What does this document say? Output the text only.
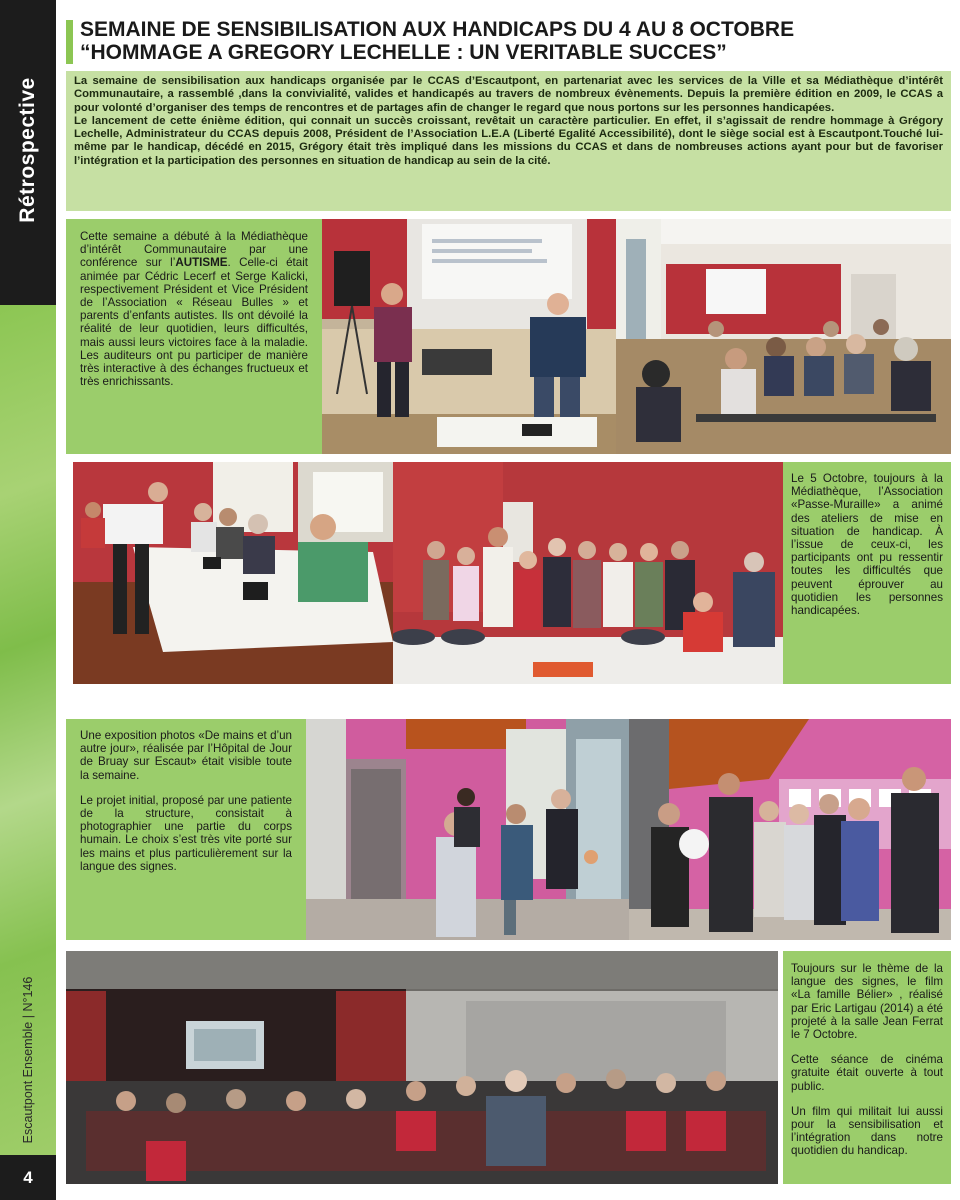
Rétrospective
Escautpont Ensemble | N°146
4
SEMAINE DE SENSIBILISATION AUX HANDICAPS DU 4 AU 8 OCTOBRE
“HOMMAGE A GREGORY LECHELLE : UN VERITABLE SUCCES”

La semaine de sensibilisation aux handicaps organisée par le CCAS d’Escautpont, en partenariat avec les services de la Ville et sa Médiathèque d’intérêt Communautaire, a rassemblé ,dans la convivialité, valides et handicapés au travers de nombreux évènements. Depuis la première édition en 2009, le CCAS a pour volonté d’organiser des temps de rencontres et de partages afin de changer le regard que nous portons sur les personnes handicapées.

Le lancement de cette énième édition, qui connait un succès croissant, revêtait un caractère particulier. En effet, il s’agissait de rendre hommage à Grégory Lechelle, Administrateur du CCAS depuis 2008, Président de l’Association L.E.A (Liberté Egalité Accessibilité), dont le siège social est à Escautpont.Touché lui-même par le handicap, décédé en 2015, Grégory était très impliqué dans les missions du CCAS et dans de nombreuses actions ayant pour but de favoriser l’intégration et la participation des personnes en situation de handicap au sein de la cité.

Cette semaine a débuté à la Médiathèque d’intérêt Communautaire par une conférence sur l’AUTISME. Celle-ci était animée par Cédric Lecerf et Serge Kalicki, respectivement Président et Vice Président de l’Association « Réseau Bulles » et parents d’enfants autistes. Ils ont dévoilé la réalité de leur quotidien, leurs difficultés, mais aussi leurs victoires face à la maladie. Les auditeurs ont pu participer de manière très interactive à des échanges fructueux et très enrichissants.

Le 5 Octobre, toujours à la Médiathèque, l’Association «Passe-Muraille» a animé des ateliers de mise en situation de handicap. À l’issue de ceux-ci, les participants ont pu ressentir toutes les difficultés que peuvent éprouver au quotidien les personnes handicapées.

Une exposition photos «De mains et d’un autre jour», réalisée par l’Hôpital de Jour de Bruay sur Escaut» était visible toute la semaine.

Le projet initial, proposé par une patiente de la structure, consistait à photographier une partie du corps humain. Le choix s’est très vite porté sur les mains et plus particulièrement sur la langue des signes.

Toujours sur le thème de la langue des signes, le film «La famille Bélier» , réalisé par Eric Lartigau (2014) a été projeté à la salle Jean Ferrat le 7 Octobre.

Cette séance de cinéma gratuite était ouverte à tout public.

Un film qui militait lui aussi pour la sensibilisation et l’intégration dans notre quotidien du handicap.
